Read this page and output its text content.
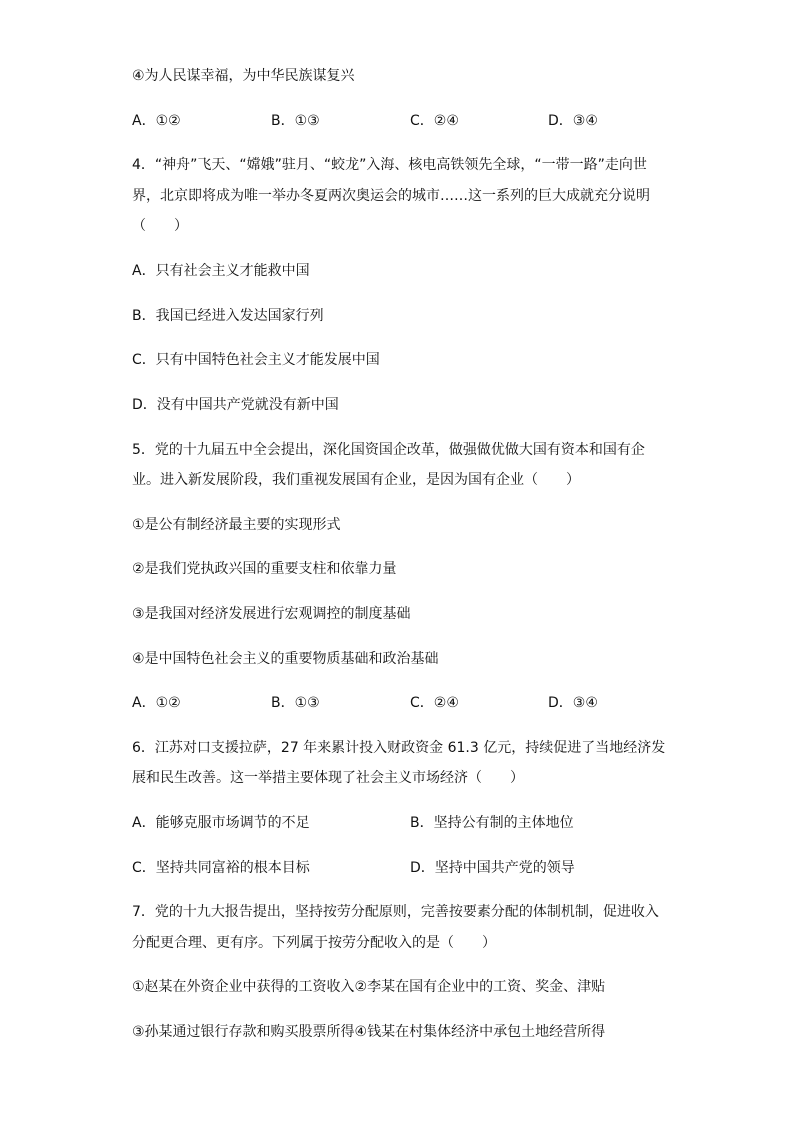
④为人民谋幸福，为中华民族谋复兴
A．①②	B．①③	C．②④	D．③④
4．“神舟”飞天、“嫦娥”驻月、“蛟龙”入海、核电高铁领先全球，“一带一路”走向世
界，北京即将成为唯一举办冬夏两次奥运会的城市……这一系列的巨大成就充分说明
（　　）
A．只有社会主义才能救中国
B．我国已经进入发达国家行列
C．只有中国特色社会主义才能发展中国
D．没有中国共产党就没有新中国
5．党的十九届五中全会提出，深化国资国企改革，做强做优做大国有资本和国有企
业。进入新发展阶段，我们重视发展国有企业，是因为国有企业（　　）
①是公有制经济最主要的实现形式
②是我们党执政兴国的重要支柱和依靠力量
③是我国对经济发展进行宏观调控的制度基础
④是中国特色社会主义的重要物质基础和政治基础
A．①②	B．①③	C．②④	D．③④
6．江苏对口支援拉萨，27 年来累计投入财政资金 61.3 亿元，持续促进了当地经济发
展和民生改善。这一举措主要体现了社会主义市场经济（　　）
A．能够克服市场调节的不足	B．坚持公有制的主体地位
C．坚持共同富裕的根本目标	D．坚持中国共产党的领导
7．党的十九大报告提出，坚持按劳分配原则，完善按要素分配的体制机制，促进收入
分配更合理、更有序。下列属于按劳分配收入的是（　　）
①赵某在外资企业中获得的工资收入②李某在国有企业中的工资、奖金、津贴
③孙某通过银行存款和购买股票所得④钱某在村集体经济中承包土地经营所得
